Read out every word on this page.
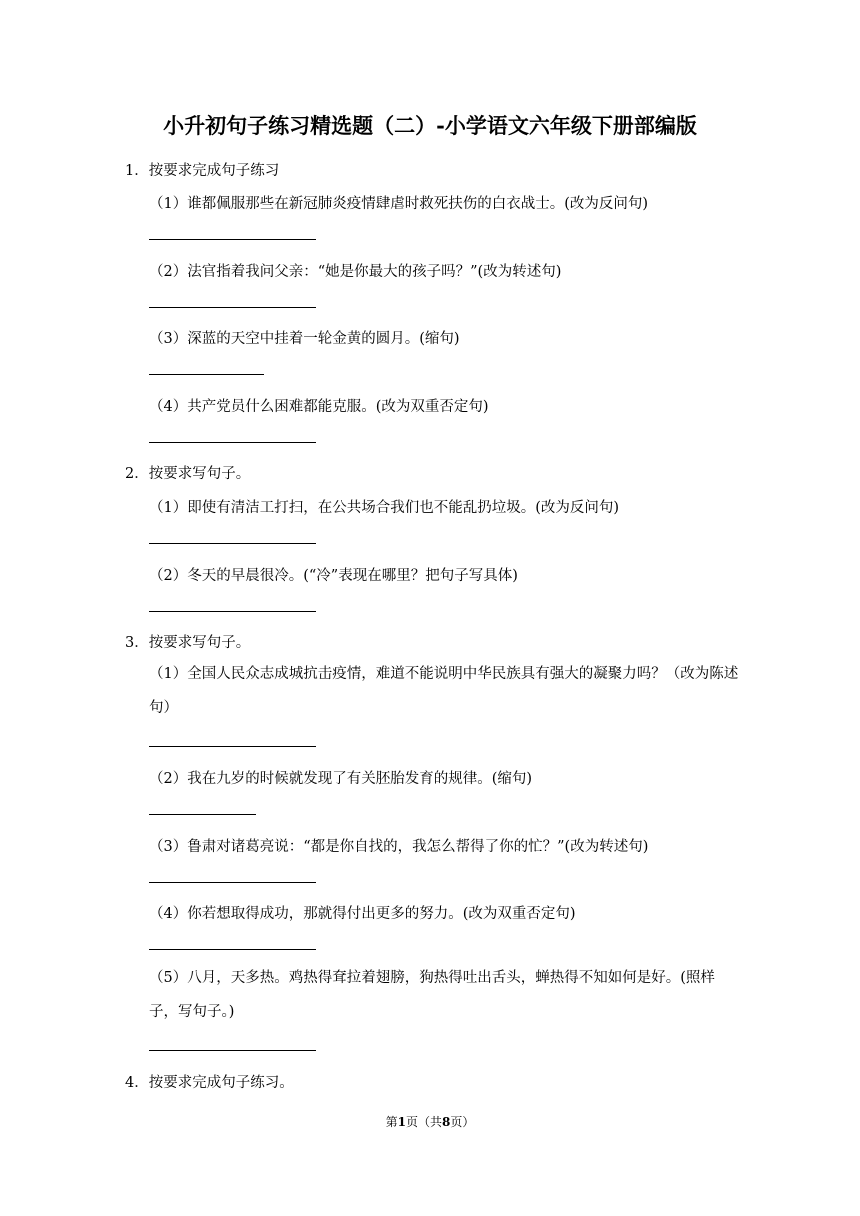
小升初句子练习精选题（二）-小学语文六年级下册部编版
1．按要求完成句子练习
（1）谁都佩服那些在新冠肺炎疫情肆虐时救死扶伤的白衣战士。(改为反问句)
（2）法官指着我问父亲：“她是你最大的孩子吗？”(改为转述句)
（3）深蓝的天空中挂着一轮金黄的圆月。(缩句)
（4）共产党员什么困难都能克服。(改为双重否定句)
2．按要求写句子。
（1）即使有清洁工打扫，在公共场合我们也不能乱扔垃圾。(改为反问句)
（2）冬天的早晨很冷。(“冷”表现在哪里？把句子写具体)
3．按要求写句子。
（1）全国人民众志成城抗击疫情，难道不能说明中华民族具有强大的凝聚力吗？（改为陈述句）
（2）我在九岁的时候就发现了有关胚胎发育的规律。(缩句)
（3）鲁肃对诸葛亮说：“都是你自找的，我怎么帮得了你的忙？”(改为转述句)
（4）你若想取得成功，那就得付出更多的努力。(改为双重否定句)
（5）八月，天多热。鸡热得耷拉着翅膀，狗热得吐出舌头，蝉热得不知如何是好。(照样子，写句子。)
4．按要求完成句子练习。
第1页（共8页）
